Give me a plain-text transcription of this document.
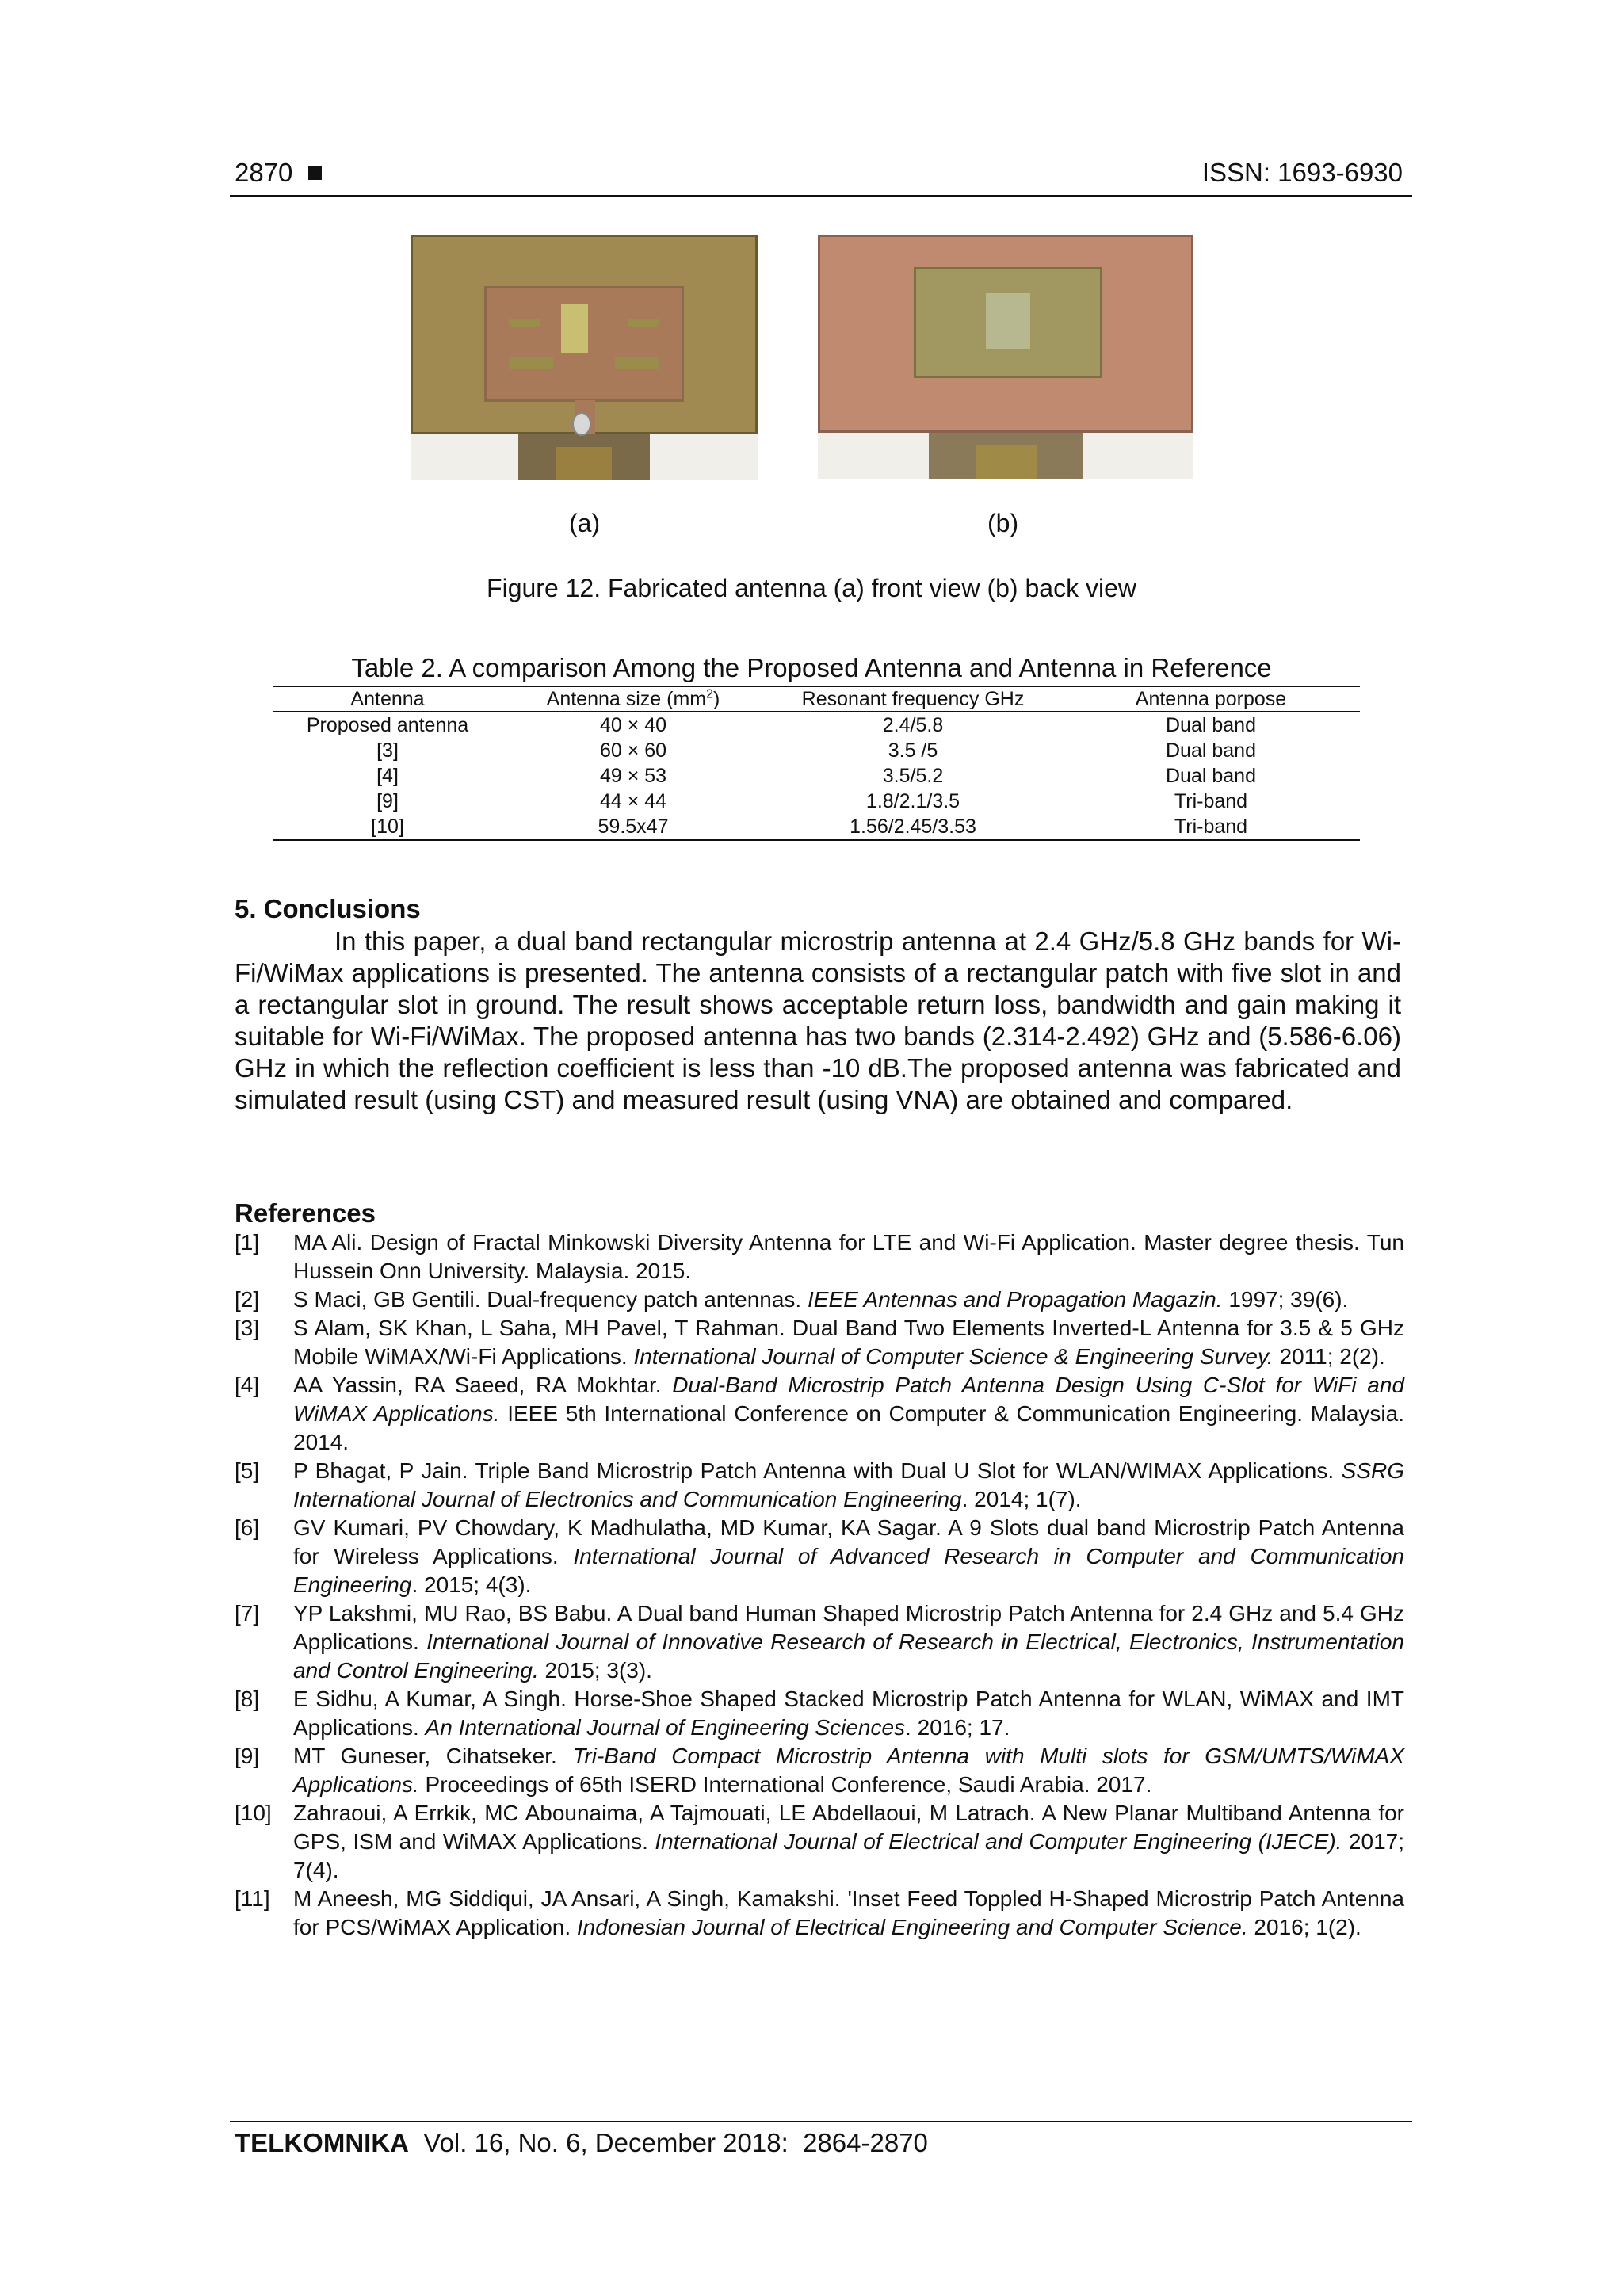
2870	ISSN: 1693-6930
(a)	(b)
Figure 12. Fabricated antenna (a) front view (b) back view
Table 2. A comparison Among the Proposed Antenna and Antenna in Reference
Antenna	Antenna size $(mm^2)$	Resonant frequency GHz	Antenna porpose
Proposed antenna	40 × 40	2.4/5.8	Dual band
[3]	60 × 60	3.5 /5	Dual band
[4]	49 × 53	3.5/5.2	Dual band
[9]	44 × 44	1.8/2.1/3.5	Tri-band
[10]	59.5x47	1.56/2.45/3.53	Tri-band
5. Conclusions

In this paper, a dual band rectangular microstrip antenna at 2.4 GHz/5.8 GHz bands for Wi-Fi/WiMax applications is presented. The antenna consists of a rectangular patch with five slot in and a rectangular slot in ground. The result shows acceptable return loss, bandwidth and gain making it suitable for Wi-Fi/WiMax. The proposed antenna has two bands (2.314-2.492) GHz and (5.586-6.06) GHz in which the reflection coefficient is less than -10 dB.The proposed antenna was fabricated and simulated result (using CST) and measured result (using VNA) are obtained and compared.

References
[1] MA Ali. Design of Fractal Minkowski Diversity Antenna for LTE and Wi-Fi Application. Master degree thesis. Tun Hussein Onn University. Malaysia. 2015.
[2] S Maci, GB Gentili. Dual-frequency patch antennas. IEEE Antennas and Propagation Magazin. 1997; 39(6).
[3] S Alam, SK Khan, L Saha, MH Pavel, T Rahman. Dual Band Two Elements Inverted-L Antenna for 3.5 & 5 GHz Mobile WiMAX/Wi-Fi Applications. International Journal of Computer Science & Engineering Survey. 2011; 2(2).
[4] AA Yassin, RA Saeed, RA Mokhtar. Dual-Band Microstrip Patch Antenna Design Using C-Slot for WiFi and WiMAX Applications. IEEE 5th International Conference on Computer & Communication Engineering. Malaysia. 2014.
[5] P Bhagat, P Jain. Triple Band Microstrip Patch Antenna with Dual U Slot for WLAN/WIMAX Applications. SSRG International Journal of Electronics and Communication Engineering. 2014; 1(7).
[6] GV Kumari, PV Chowdary, K Madhulatha, MD Kumar, KA Sagar. A 9 Slots dual band Microstrip Patch Antenna for Wireless Applications. International Journal of Advanced Research in Computer and Communication Engineering. 2015; 4(3).
[7] YP Lakshmi, MU Rao, BS Babu. A Dual band Human Shaped Microstrip Patch Antenna for 2.4 GHz and 5.4 GHz Applications. International Journal of Innovative Research of Research in Electrical, Electronics, Instrumentation and Control Engineering. 2015; 3(3).
[8] E Sidhu, A Kumar, A Singh. Horse-Shoe Shaped Stacked Microstrip Patch Antenna for WLAN, WiMAX and IMT Applications. An International Journal of Engineering Sciences. 2016; 17.
[9] MT Guneser, Cihatseker. Tri-Band Compact Microstrip Antenna with Multi slots for GSM/UMTS/WiMAX Applications. Proceedings of 65th ISERD International Conference, Saudi Arabia. 2017.
[10] Zahraoui, A Errkik, MC Abounaima, A Tajmouati, LE Abdellaoui, M Latrach. A New Planar Multiband Antenna for GPS, ISM and WiMAX Applications. International Journal of Electrical and Computer Engineering (IJECE). 2017; 7(4).
[11] M Aneesh, MG Siddiqui, JA Ansari, A Singh, Kamakshi. 'Inset Feed Toppled H-Shaped Microstrip Patch Antenna for PCS/WiMAX Application. Indonesian Journal of Electrical Engineering and Computer Science. 2016; 1(2).
TELKOMNIKA  Vol. 16, No. 6, December 2018:  2864-2870
